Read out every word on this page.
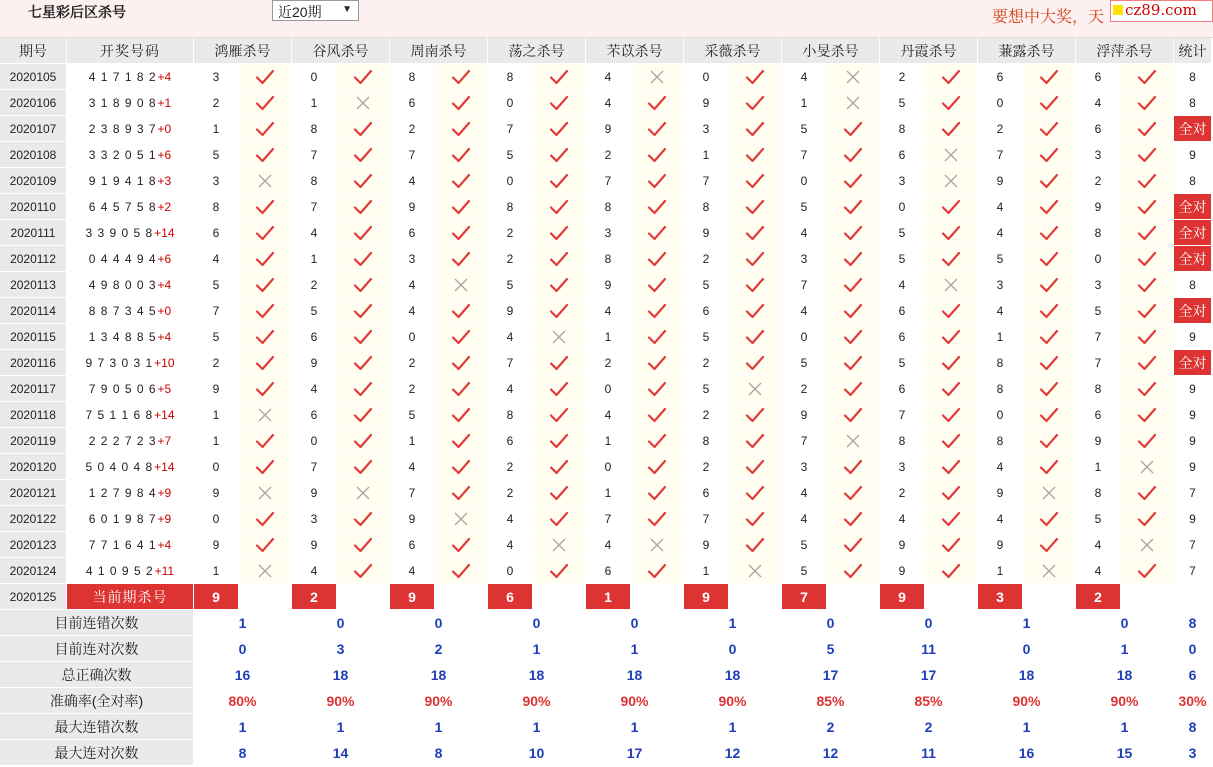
七星彩后区杀号	近20期 ▼	要想中大奖，天	cz89.com
期号	开奖号码	鸿雁杀号	谷风杀号	周南杀号	荡之杀号	芣苡杀号	采薇杀号	小旻杀号	丹霞杀号	蒹露杀号	浮萍杀号	统计
2020105	4 1 7 1 8 2 +4	3	0	8	8	4	0	4	2	6	6	8
2020106	3 1 8 9 0 8 +1	2	1	6	0	4	9	1	5	0	4	8
2020107	2 3 8 9 3 7 +0	1	8	2	7	9	3	5	8	2	6	全对
2020108	3 3 2 0 5 1 +6	5	7	7	5	2	1	7	6	7	3	9
2020109	9 1 9 4 1 8 +3	3	8	4	0	7	7	0	3	9	2	8
2020110	6 4 5 7 5 8 +2	8	7	9	8	8	8	5	0	4	9	全对
2020111	3 3 9 0 5 8 +14	6	4	6	2	3	9	4	5	4	8	全对
2020112	0 4 4 4 9 4 +6	4	1	3	2	8	2	3	5	5	0	全对
2020113	4 9 8 0 0 3 +4	5	2	4	5	9	5	7	4	3	3	8
2020114	8 8 7 3 4 5 +0	7	5	4	9	4	6	4	6	4	5	全对
2020115	1 3 4 8 8 5 +4	5	6	0	4	1	5	0	6	1	7	9
2020116	9 7 3 0 3 1 +10	2	9	2	7	2	2	5	5	8	7	全对
2020117	7 9 0 5 0 6 +5	9	4	2	4	0	5	2	6	8	8	9
2020118	7 5 1 1 6 8 +14	1	6	5	8	4	2	9	7	0	6	9
2020119	2 2 2 7 2 3 +7	1	0	1	6	1	8	7	8	8	9	9
2020120	5 0 4 0 4 8 +14	0	7	4	2	0	2	3	3	4	1	9
2020121	1 2 7 9 8 4 +9	9	9	7	2	1	6	4	2	9	8	7
2020122	6 0 1 9 8 7 +9	0	3	9	4	7	7	4	4	4	5	9
2020123	7 7 1 6 4 1 +4	9	9	6	4	4	9	5	9	9	4	7
2020124	4 1 0 9 5 2 +11	1	4	4	0	6	1	5	9	1	4	7
2020125	当前期杀号	9	2	9	6	1	9	7	9	3	2
目前连错次数	1	0	0	0	0	1	0	0	1	0	8
目前连对次数	0	3	2	1	1	0	5	11	0	1	0
总正确次数	16	18	18	18	18	18	17	17	18	18	6
准确率(全对率)	80%	90%	90%	90%	90%	90%	85%	85%	90%	90%	30%
最大连错次数	1	1	1	1	1	1	2	2	1	1	8
最大连对次数	8	14	8	10	17	12	12	11	16	15	3
